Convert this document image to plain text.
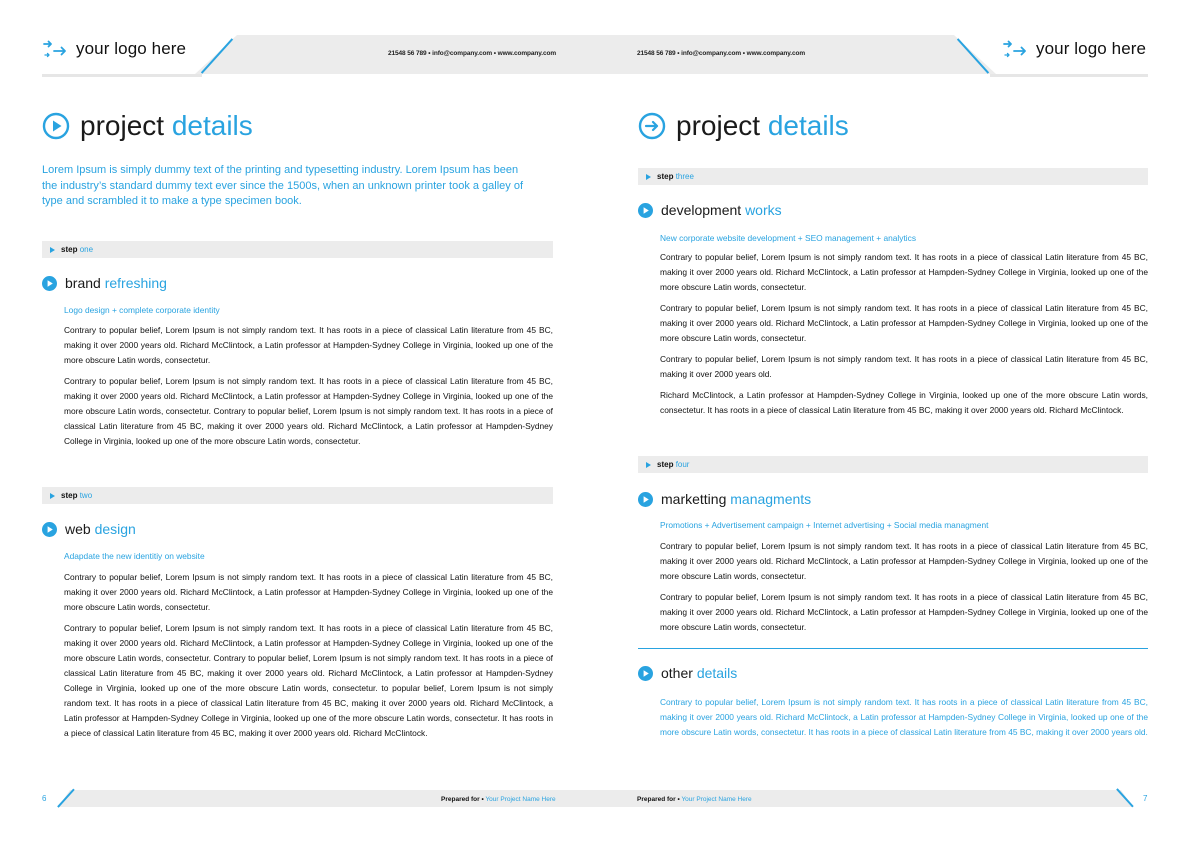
your logo here	your logo here
21548 56 789 • info@company.com • www.company.com	21548 56 789 • info@company.com • www.company.com
project details
Lorem Ipsum is simply dummy text of the printing and typesetting industry. Lorem Ipsum has been the industry’s standard dummy text ever since the 1500s, when an unknown printer took a galley of type and scrambled it to make a type specimen book.
step one
brand refreshing
Logo design + complete corporate identity

Contrary to popular belief, Lorem Ipsum is not simply random text. It has roots in a piece of classical Latin literature from 45 BC, making it over 2000 years old. Richard McClintock, a Latin professor at Hampden-Sydney College in Virginia, looked up one of the more obscure Latin words, consectetur.

Contrary to popular belief, Lorem Ipsum is not simply random text. It has roots in a piece of classical Latin literature from 45 BC, making it over 2000 years old. Richard McClintock, a Latin professor at Hampden-Sydney College in Virginia, looked up one of the more obscure Latin words, consectetur. Contrary to popular belief, Lorem Ipsum is not simply random text. It has roots in a piece of classical Latin literature from 45 BC, making it over 2000 years old. Richard McClintock, a Latin professor at Hampden-Sydney College in Virginia, looked up one of the more obscure Latin words, consectetur.

step two
web design
Adapdate the new identitiy on website

Contrary to popular belief, Lorem Ipsum is not simply random text. It has roots in a piece of classical Latin literature from 45 BC, making it over 2000 years old. Richard McClintock, a Latin professor at Hampden-Sydney College in Virginia, looked up one of the more obscure Latin words, consectetur.

Contrary to popular belief, Lorem Ipsum is not simply random text. It has roots in a piece of classical Latin literature from 45 BC, making it over 2000 years old. Richard McClintock, a Latin professor at Hampden-Sydney College in Virginia, looked up one of the more obscure Latin words, consectetur. Contrary to popular belief, Lorem Ipsum is not simply random text. It has roots in a piece of classical Latin literature from 45 BC, making it over 2000 years old. Richard McClintock, a Latin professor at Hampden-Sydney College in Virginia, looked up one of the more obscure Latin words, consectetur. to popular belief, Lorem Ipsum is not simply random text. It has roots in a piece of classical Latin literature from 45 BC, making it over 2000 years old. Richard McClintock, a Latin professor at Hampden-Sydney College in Virginia, looked up one of the more obscure Latin words, consectetur. It has roots in a piece of classical Latin literature from 45 BC, making it over 2000 years old. Richard McClintock.

project details
step three
development works
New corporate website development + SEO management + analytics

Contrary to popular belief, Lorem Ipsum is not simply random text. It has roots in a piece of classical Latin literature from 45 BC, making it over 2000 years old. Richard McClintock, a Latin professor at Hampden-Sydney College in Virginia, looked up one of the more obscure Latin words, consectetur.

Contrary to popular belief, Lorem Ipsum is not simply random text. It has roots in a piece of classical Latin literature from 45 BC, making it over 2000 years old. Richard McClintock, a Latin professor at Hampden-Sydney College in Virginia, looked up one of the more obscure Latin words, consectetur.

Contrary to popular belief, Lorem Ipsum is not simply random text. It has roots in a piece of classical Latin literature from 45 BC, making it over 2000 years old.

Richard McClintock, a Latin professor at Hampden-Sydney College in Virginia, looked up one of the more obscure Latin words, consectetur. It has roots in a piece of classical Latin literature from 45 BC, making it over 2000 years old. Richard McClintock.

step four
marketting managments
Promotions + Advertisement campaign + Internet advertising + Social media managment

Contrary to popular belief, Lorem Ipsum is not simply random text. It has roots in a piece of classical Latin literature from 45 BC, making it over 2000 years old. Richard McClintock, a Latin professor at Hampden-Sydney College in Virginia, looked up one of the more obscure Latin words, consectetur.

Contrary to popular belief, Lorem Ipsum is not simply random text. It has roots in a piece of classical Latin literature from 45 BC, making it over 2000 years old. Richard McClintock, a Latin professor at Hampden-Sydney College in Virginia, looked up one of the more obscure Latin words, consectetur.

other details

Contrary to popular belief, Lorem Ipsum is not simply random text. It has roots in a piece of classical Latin literature from 45 BC, making it over 2000 years old. Richard McClintock, a Latin professor at Hampden-Sydney College in Virginia, looked up one of the more obscure Latin words, consectetur. It has roots in a piece of classical Latin literature from 45 BC, making it over 2000 years old.

6	7
Prepared for • Your Project Name Here	Prepared for • Your Project Name Here
